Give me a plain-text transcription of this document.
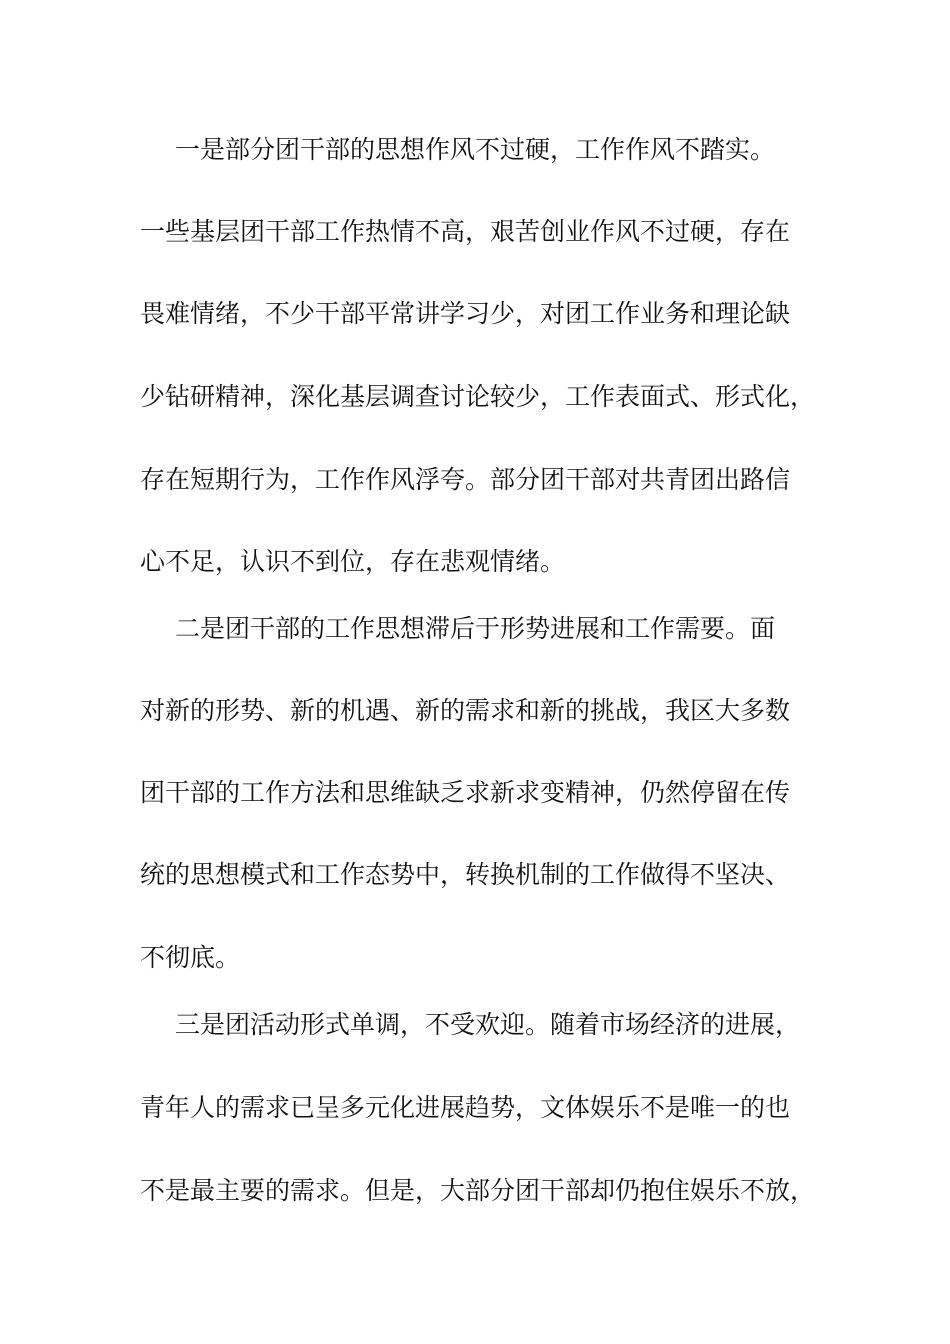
一是部分团干部的思想作风不过硬，工作作风不踏实。
一些基层团干部工作热情不高，艰苦创业作风不过硬，存在
畏难情绪，不少干部平常讲学习少，对团工作业务和理论缺
少钻研精神，深化基层调查讨论较少，工作表面式、形式化，
存在短期行为，工作作风浮夸。部分团干部对共青团出路信
心不足，认识不到位，存在悲观情绪。
二是团干部的工作思想滞后于形势进展和工作需要。面
对新的形势、新的机遇、新的需求和新的挑战，我区大多数
团干部的工作方法和思维缺乏求新求变精神，仍然停留在传
统的思想模式和工作态势中，转换机制的工作做得不坚决、
不彻底。
三是团活动形式单调，不受欢迎。随着市场经济的进展，
青年人的需求已呈多元化进展趋势，文体娱乐不是唯一的也
不是最主要的需求。但是，大部分团干部却仍抱住娱乐不放，
